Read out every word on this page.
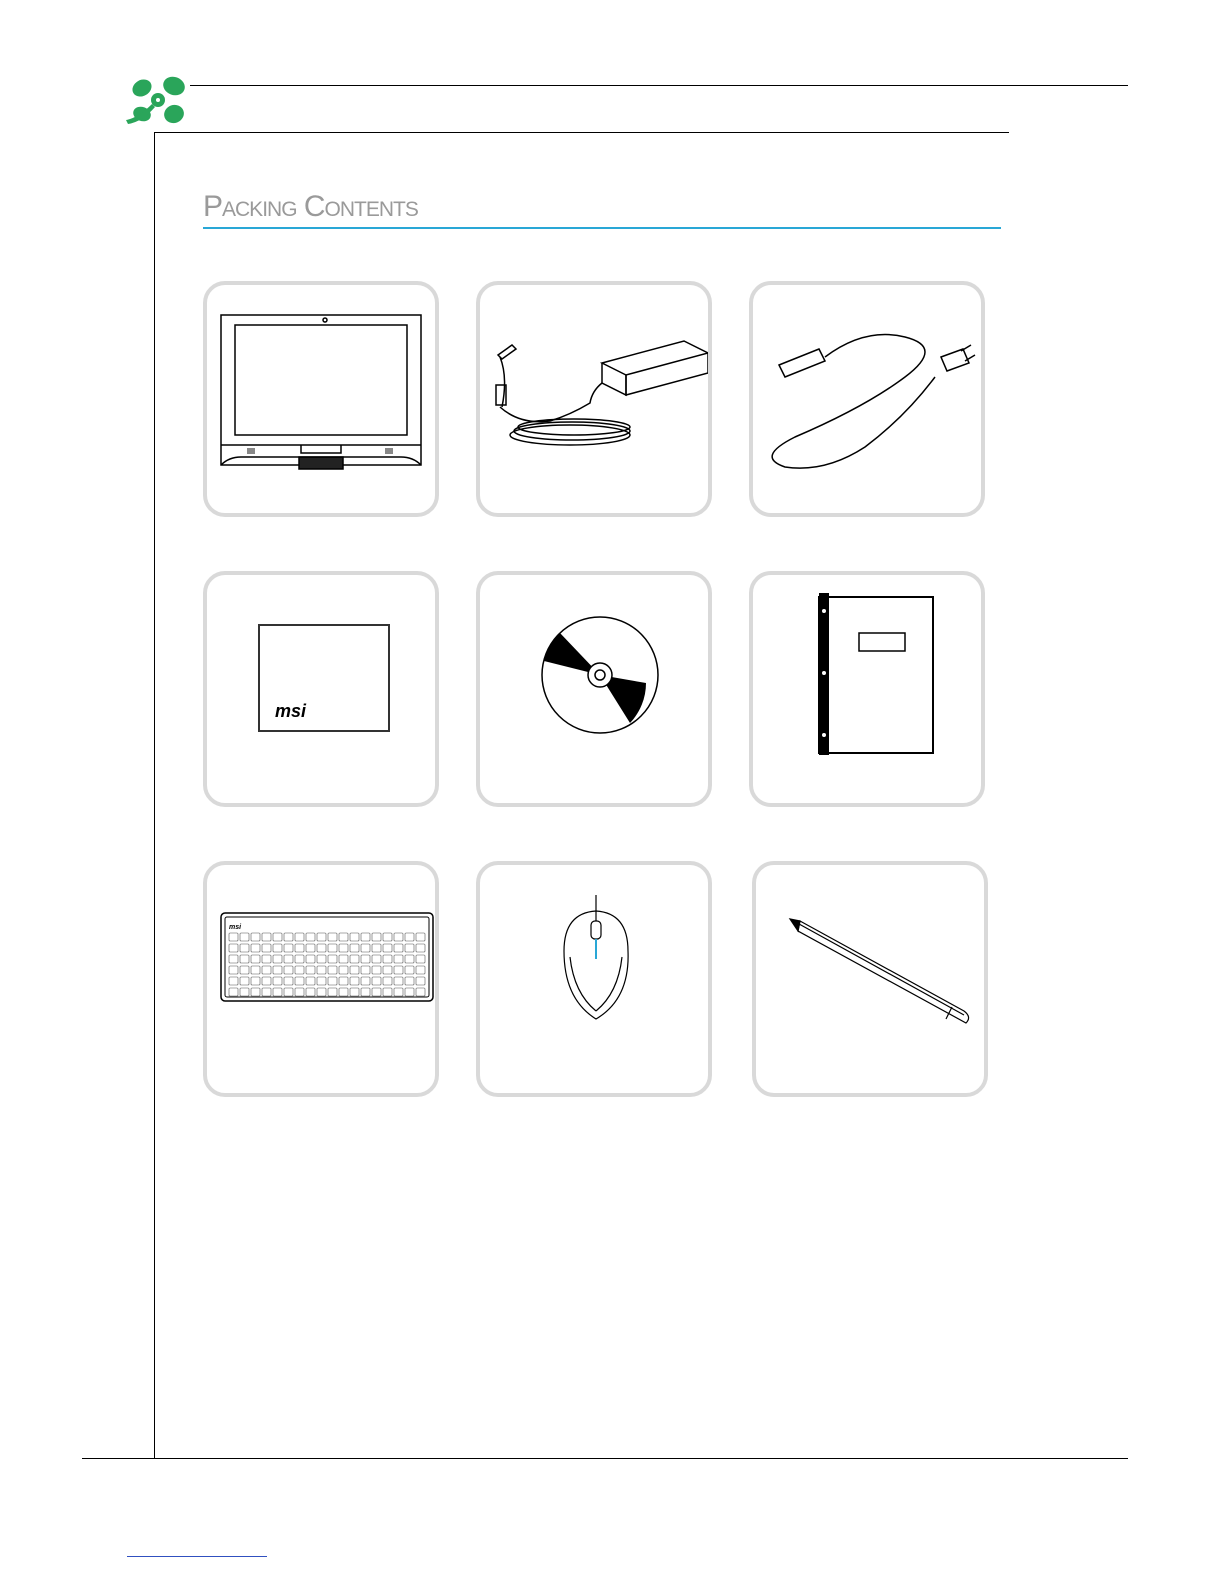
Packing Contents
msi
msi
